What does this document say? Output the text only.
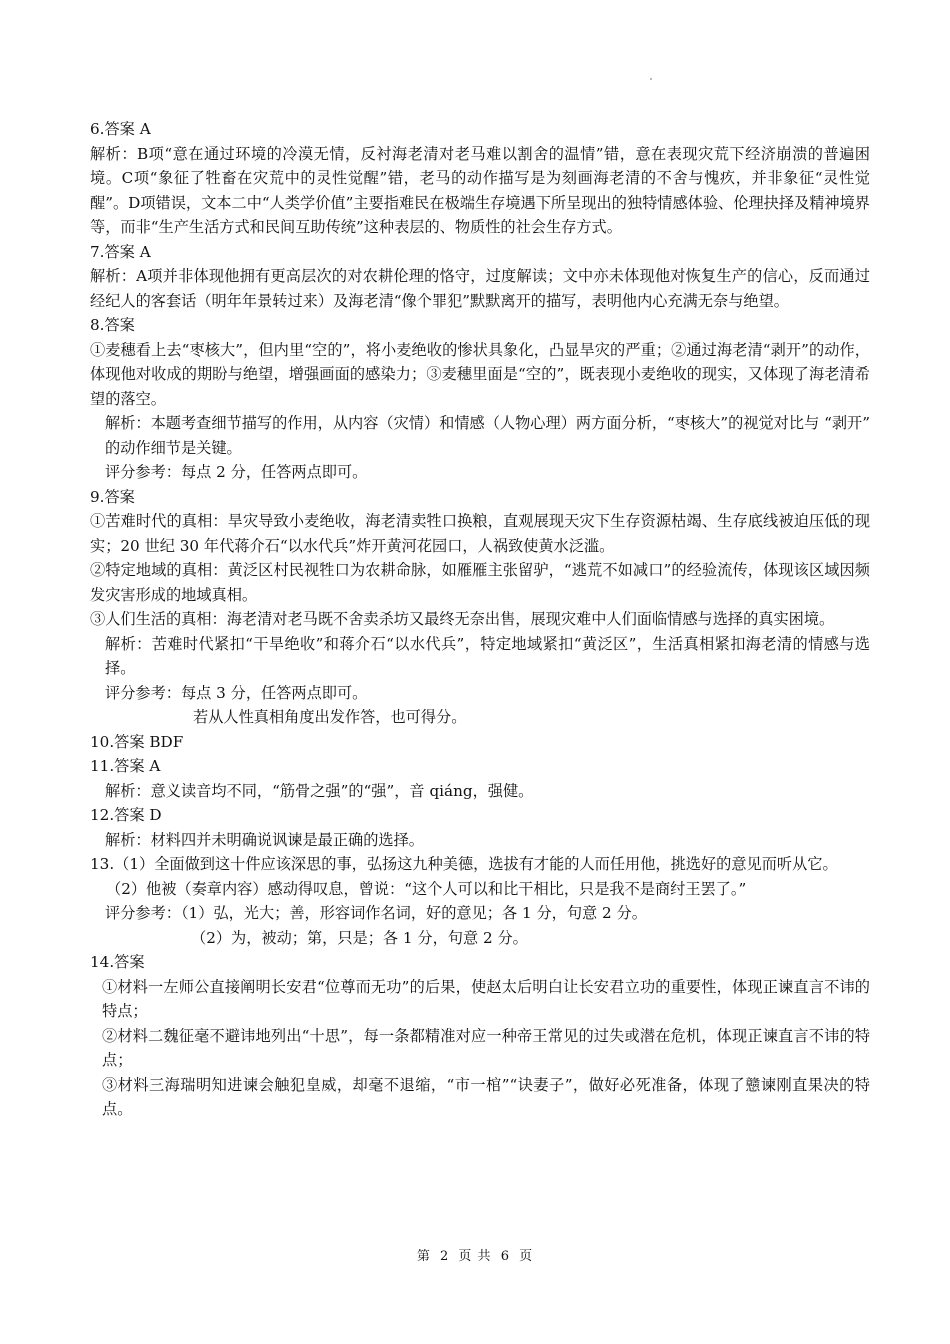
6.答案 A

解析：B项“意在通过环境的冷漠无情，反衬海老清对老马难以割舍的温情”错，意在表现灾荒下经济崩溃的普遍困境。C项“象征了牲畜在灾荒中的灵性觉醒”错，老马的动作描写是为刻画海老清的不舍与愧疚，并非象征“灵性觉醒”。D项错误，文本二中“人类学价值”主要指难民在极端生存境遇下所呈现出的独特情感体验、伦理抉择及精神境界等，而非“生产生活方式和民间互助传统”这种表层的、物质性的社会生存方式。

7.答案 A

解析：A项并非体现他拥有更高层次的对农耕伦理的恪守，过度解读；文中亦未体现他对恢复生产的信心，反而通过经纪人的客套话（明年年景转过来）及海老清“像个罪犯”默默离开的描写，表明他内心充满无奈与绝望。

8.答案

①麦穗看上去“枣核大”，但内里“空的”，将小麦绝收的惨状具象化，凸显旱灾的严重；②通过海老清“剥开”的动作，体现他对收成的期盼与绝望，增强画面的感染力；③麦穗里面是“空的”，既表现小麦绝收的现实，又体现了海老清希望的落空。

解析：本题考查细节描写的作用，从内容（灾情）和情感（人物心理）两方面分析，“枣核大”的视觉对比与 “剥开” 的动作细节是关键。

评分参考：每点 2 分，任答两点即可。

9.答案

①苦难时代的真相：旱灾导致小麦绝收，海老清卖牲口换粮，直观展现天灾下生存资源枯竭、生存底线被迫压低的现实；20 世纪 30 年代蒋介石“以水代兵”炸开黄河花园口，人祸致使黄水泛滥。

②特定地域的真相：黄泛区村民视牲口为农耕命脉，如雁雁主张留驴，“逃荒不如减口”的经验流传，体现该区域因频发灾害形成的地域真相。

③人们生活的真相：海老清对老马既不舍卖杀坊又最终无奈出售，展现灾难中人们面临情感与选择的真实困境。

解析：苦难时代紧扣“干旱绝收”和蒋介石“以水代兵”，特定地域紧扣“黄泛区”，生活真相紧扣海老清的情感与选择。

评分参考：每点 3 分，任答两点即可。

若从人性真相角度出发作答，也可得分。

10.答案 BDF

11.答案 A

解析：意义读音均不同，“筋骨之强”的“强”，音 qiáng，强健。

12.答案 D

解析：材料四并未明确说讽谏是最正确的选择。

13.（1）全面做到这十件应该深思的事，弘扬这九种美德，选拔有才能的人而任用他，挑选好的意见而听从它。

（2）他被（奏章内容）感动得叹息，曾说：“这个人可以和比干相比，只是我不是商纣王罢了。”

评分参考：（1）弘，光大；善，形容词作名词，好的意见；各 1 分，句意 2 分。

（2）为，被动；第，只是；各 1 分，句意 2 分。

14.答案

①材料一左师公直接阐明长安君“位尊而无功”的后果，使赵太后明白让长安君立功的重要性，体现正谏直言不讳的特点；

②材料二魏征毫不避讳地列出“十思”，每一条都精准对应一种帝王常见的过失或潜在危机，体现正谏直言不讳的特点；

③材料三海瑞明知进谏会触犯皇威，却毫不退缩，“市一棺”“诀妻子”，做好必死准备，体现了戆谏刚直果决的特点。

第 2 页 共 6 页
